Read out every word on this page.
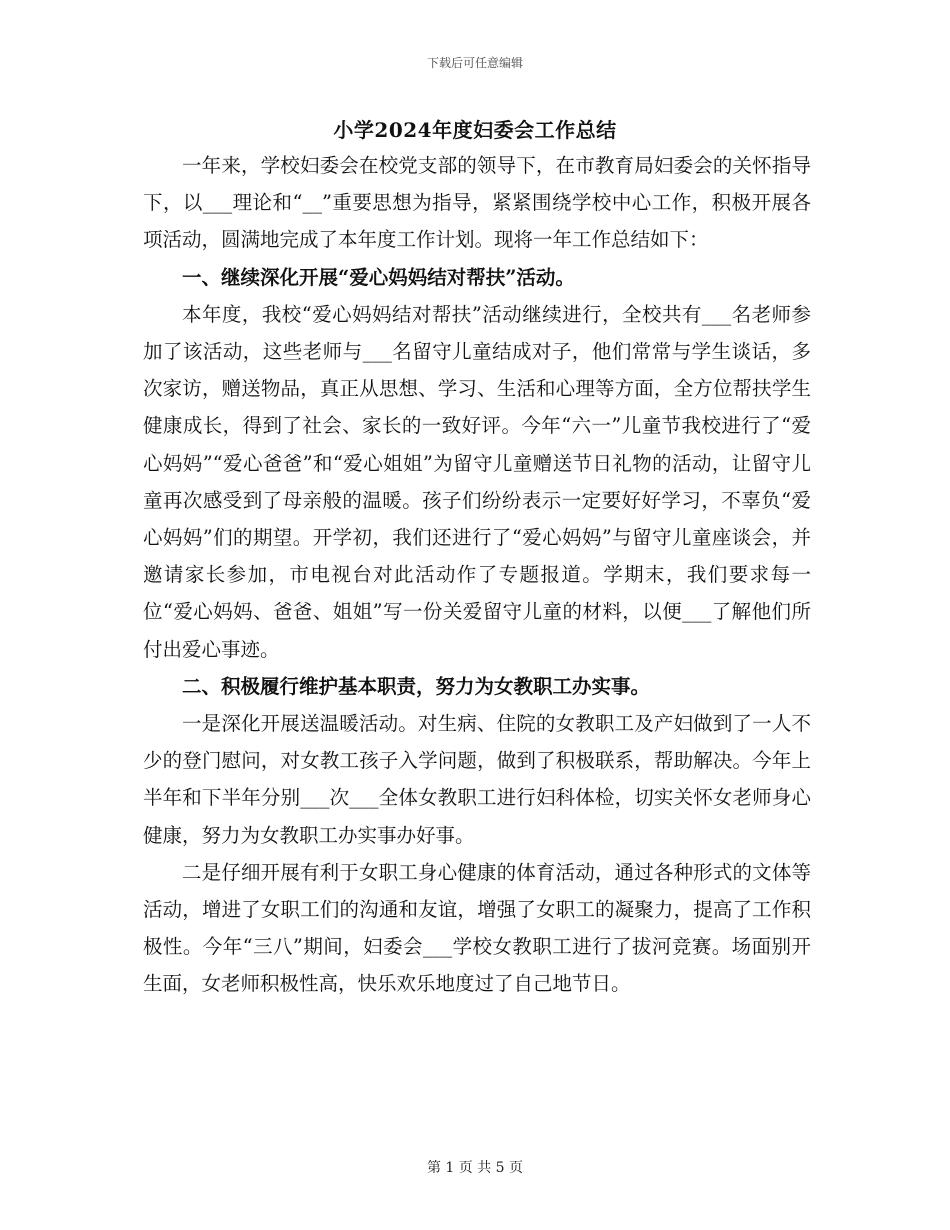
下载后可任意编辑
小学2024年度妇委会工作总结

一年来，学校妇委会在校党支部的领导下，在市教育局妇委会的关怀指导下，以___理论和“__”重要思想为指导，紧紧围绕学校中心工作，积极开展各项活动，圆满地完成了本年度工作计划。现将一年工作总结如下：

一、继续深化开展“爱心妈妈结对帮扶”活动。

本年度，我校“爱心妈妈结对帮扶”活动继续进行，全校共有___名老师参加了该活动，这些老师与___名留守儿童结成对子，他们常常与学生谈话，多次家访，赠送物品，真正从思想、学习、生活和心理等方面，全方位帮扶学生健康成长，得到了社会、家长的一致好评。今年“六一”儿童节我校进行了“爱心妈妈”“爱心爸爸”和“爱心姐姐”为留守儿童赠送节日礼物的活动，让留守儿童再次感受到了母亲般的温暖。孩子们纷纷表示一定要好好学习，不辜负“爱心妈妈”们的期望。开学初，我们还进行了“爱心妈妈”与留守儿童座谈会，并邀请家长参加，市电视台对此活动作了专题报道。学期末，我们要求每一位“爱心妈妈、爸爸、姐姐”写一份关爱留守儿童的材料，以便___了解他们所付出爱心事迹。

二、积极履行维护基本职责，努力为女教职工办实事。

一是深化开展送温暖活动。对生病、住院的女教职工及产妇做到了一人不少的登门慰问，对女教工孩子入学问题，做到了积极联系，帮助解决。今年上半年和下半年分别___次___全体女教职工进行妇科体检，切实关怀女老师身心健康，努力为女教职工办实事办好事。

二是仔细开展有利于女职工身心健康的体育活动，通过各种形式的文体等活动，增进了女职工们的沟通和友谊，增强了女职工的凝聚力，提高了工作积极性。今年“三八”期间，妇委会___学校女教职工进行了拔河竞赛。场面别开生面，女老师积极性高，快乐欢乐地度过了自己地节日。

第 1 页 共 5 页
